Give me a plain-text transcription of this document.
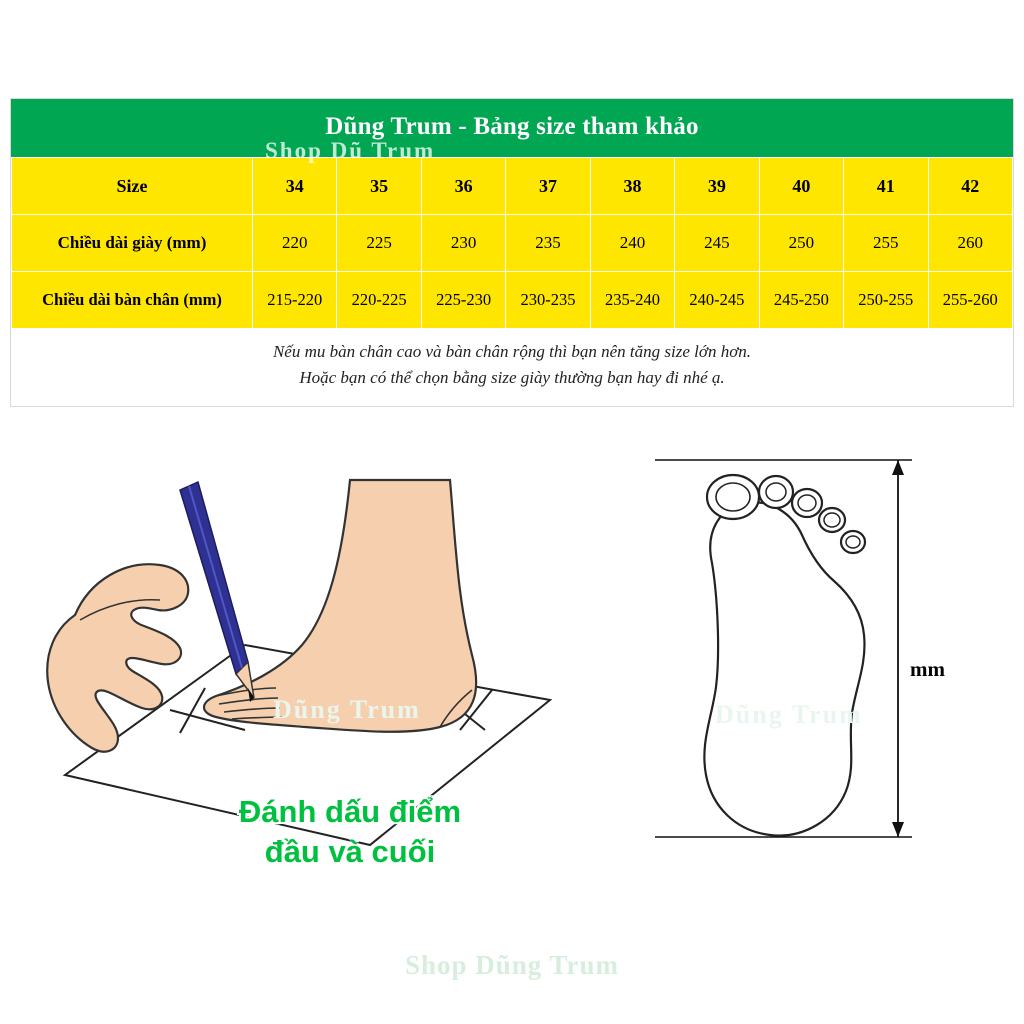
Dũng Trum - Bảng size tham khảo
Size	34	35	36	37	38	39	40	41	42
Chiều dài giày (mm)	220	225	230	235	240	245	250	255	260
Chiều dài bàn chân (mm)	215-220	220-225	225-230	230-235	235-240	240-245	245-250	250-255	255-260
Nếu mu bàn chân cao và bàn chân rộng thì bạn nên tăng size lớn hơn.
Hoặc bạn có thể chọn bằng size giày thường bạn hay đi nhé ạ.
Shop Dũ Trum
Dũng Trum
Đánh dấu điểm
đầu và cuối
Dũng Trum
mm
Shop Dũng Trum
